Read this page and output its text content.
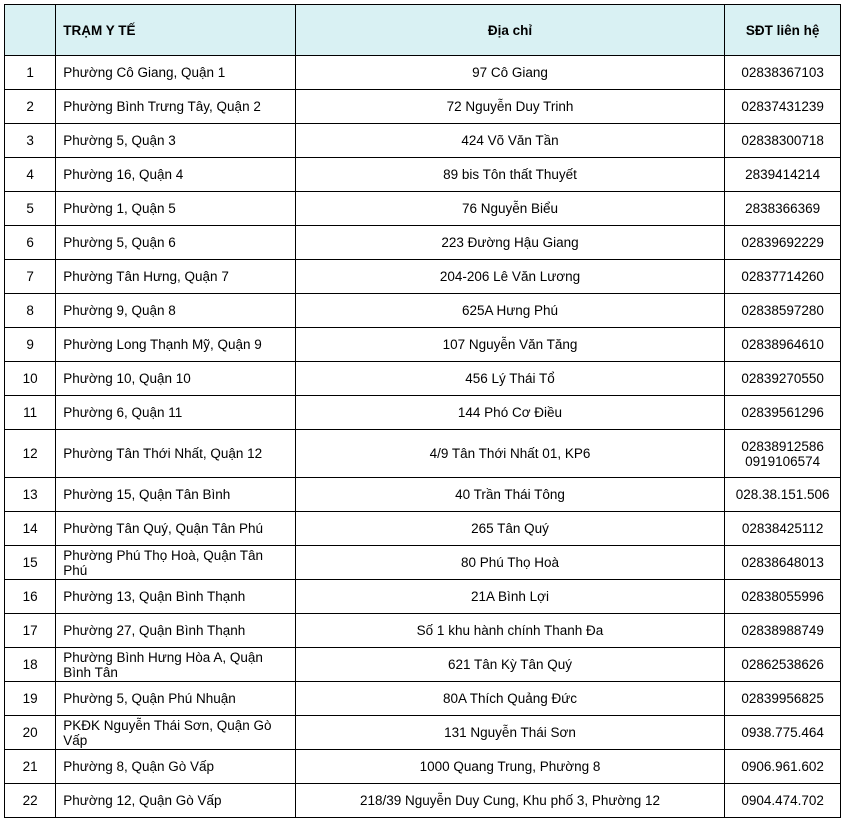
	TRẠM Y TẾ	Địa chỉ	SĐT liên hệ
1	Phường Cô Giang, Quận 1	97 Cô Giang	02838367103

2	Phường Bình Trưng Tây, Quận 2	72 Nguyễn Duy Trinh	02837431239

3	Phường 5, Quận 3	424 Võ Văn Tần	02838300718

4	Phường 16, Quận 4	89 bis Tôn thất Thuyết	2839414214

5	Phường 1, Quận 5	76 Nguyễn Biểu	2838366369

6	Phường 5, Quận 6	223 Đường Hậu Giang	02839692229

7	Phường Tân Hưng, Quận 7	204-206 Lê Văn Lương	02837714260

8	Phường 9, Quận 8	625A Hưng Phú	02838597280

9	Phường Long Thạnh Mỹ, Quận 9	107 Nguyễn Văn Tăng	02838964610

10	Phường 10, Quận 10	456 Lý Thái Tổ	02839270550

11	Phường 6, Quận 11	144 Phó Cơ Điều	02839561296

12	Phường Tân Thới Nhất, Quận 12	4/9 Tân Thới Nhất 01, KP6	02838912586
0919106574

13	Phường 15, Quận Tân Bình	40 Trần Thái Tông	028.38.151.506

14	Phường Tân Quý, Quận Tân Phú	265 Tân Quý	02838425112

15	Phường Phú Thọ Hoà, Quận Tân Phú	80 Phú Thọ Hoà	02838648013

16	Phường 13, Quận Bình Thạnh	21A Bình Lợi	02838055996

17	Phường 27, Quận Bình Thạnh	Số 1 khu hành chính Thanh Đa	02838988749

18	Phường Bình Hưng Hòa A, Quận Bình Tân	621 Tân Kỳ Tân Quý	02862538626

19	Phường 5, Quận Phú Nhuận	80A Thích Quảng Đức	02839956825

20	PKĐK Nguyễn Thái Sơn, Quận Gò Vấp	131 Nguyễn Thái Sơn	0938.775.464

21	Phường 8, Quận Gò Vấp	1000 Quang Trung, Phường 8	0906.961.602

22	Phường 12, Quận Gò Vấp	218/39 Nguyễn Duy Cung, Khu phố 3, Phường 12	0904.474.702
